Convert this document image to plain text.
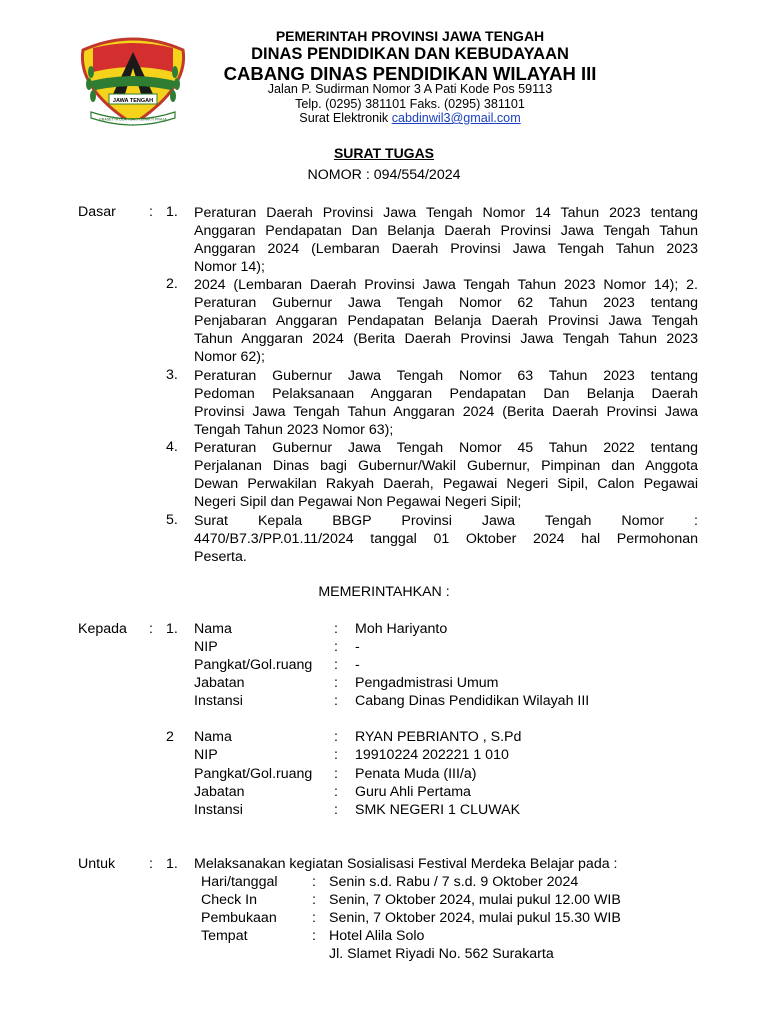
JAWA TENGAH
PRASETYA ULAH SAKTI BHAKTI PRAJA
PEMERINTAH PROVINSI JAWA TENGAH
DINAS PENDIDIKAN DAN KEBUDAYAAN
CABANG DINAS PENDIDIKAN WILAYAH III
Jalan P. Sudirman Nomor 3 A Pati Kode Pos 59113
Telp. (0295) 381101 Faks. (0295) 381101
Surat Elektronik cabdinwil3@gmail.com
SURAT TUGAS
NOMOR : 094/554/2024
Dasar : 1. Peraturan Daerah Provinsi Jawa Tengah Nomor 14 Tahun 2023 tentang
Anggaran Pendapatan Dan Belanja Daerah Provinsi Jawa Tengah Tahun
Anggaran 2024 (Lembaran Daerah Provinsi Jawa Tengah Tahun 2023
Nomor 14);
2. 2024 (Lembaran Daerah Provinsi Jawa Tengah Tahun 2023 Nomor 14); 2.
Peraturan Gubernur Jawa Tengah Nomor 62 Tahun 2023 tentang
Penjabaran Anggaran Pendapatan Belanja Daerah Provinsi Jawa Tengah
Tahun Anggaran 2024 (Berita Daerah Provinsi Jawa Tengah Tahun 2023
Nomor 62);
3. Peraturan Gubernur Jawa Tengah Nomor 63 Tahun 2023 tentang
Pedoman Pelaksanaan Anggaran Pendapatan Dan Belanja Daerah
Provinsi Jawa Tengah Tahun Anggaran 2024 (Berita Daerah Provinsi Jawa
Tengah Tahun 2023 Nomor 63);
4. Peraturan Gubernur Jawa Tengah Nomor 45 Tahun 2022 tentang
Perjalanan Dinas bagi Gubernur/Wakil Gubernur, Pimpinan dan Anggota
Dewan Perwakilan Rakyah Daerah, Pegawai Negeri Sipil, Calon Pegawai
Negeri Sipil dan Pegawai Non Pegawai Negeri Sipil;
5. Surat Kepala BBGP Provinsi Jawa Tengah Nomor :
4470/B7.3/PP.01.11/2024 tanggal 01 Oktober 2024 hal Permohonan
Peserta.
MEMERINTAHKAN :
Kepada : 1. Nama	: Moh Hariyanto
NIP	: -
Pangkat/Gol.ruang : -
Jabatan	: Pengadmistrasi Umum
Instansi	: Cabang Dinas Pendidikan Wilayah III
2 Nama	: RYAN PEBRIANTO , S.Pd
NIP	: 19910224 202221 1 010
Pangkat/Gol.ruang : Penata Muda (III/a)
Jabatan	: Guru Ahli Pertama
Instansi	: SMK NEGERI 1 CLUWAK
Untuk : 1. Melaksanakan kegiatan Sosialisasi Festival Merdeka Belajar pada :
Hari/tanggal : Senin s.d. Rabu / 7 s.d. 9 Oktober 2024
Check In	: Senin, 7 Oktober 2024, mulai pukul 12.00 WIB
Pembukaan : Senin, 7 Oktober 2024, mulai pukul 15.30 WIB
Tempat	: Hotel Alila Solo
Jl. Slamet Riyadi No. 562 Surakarta
